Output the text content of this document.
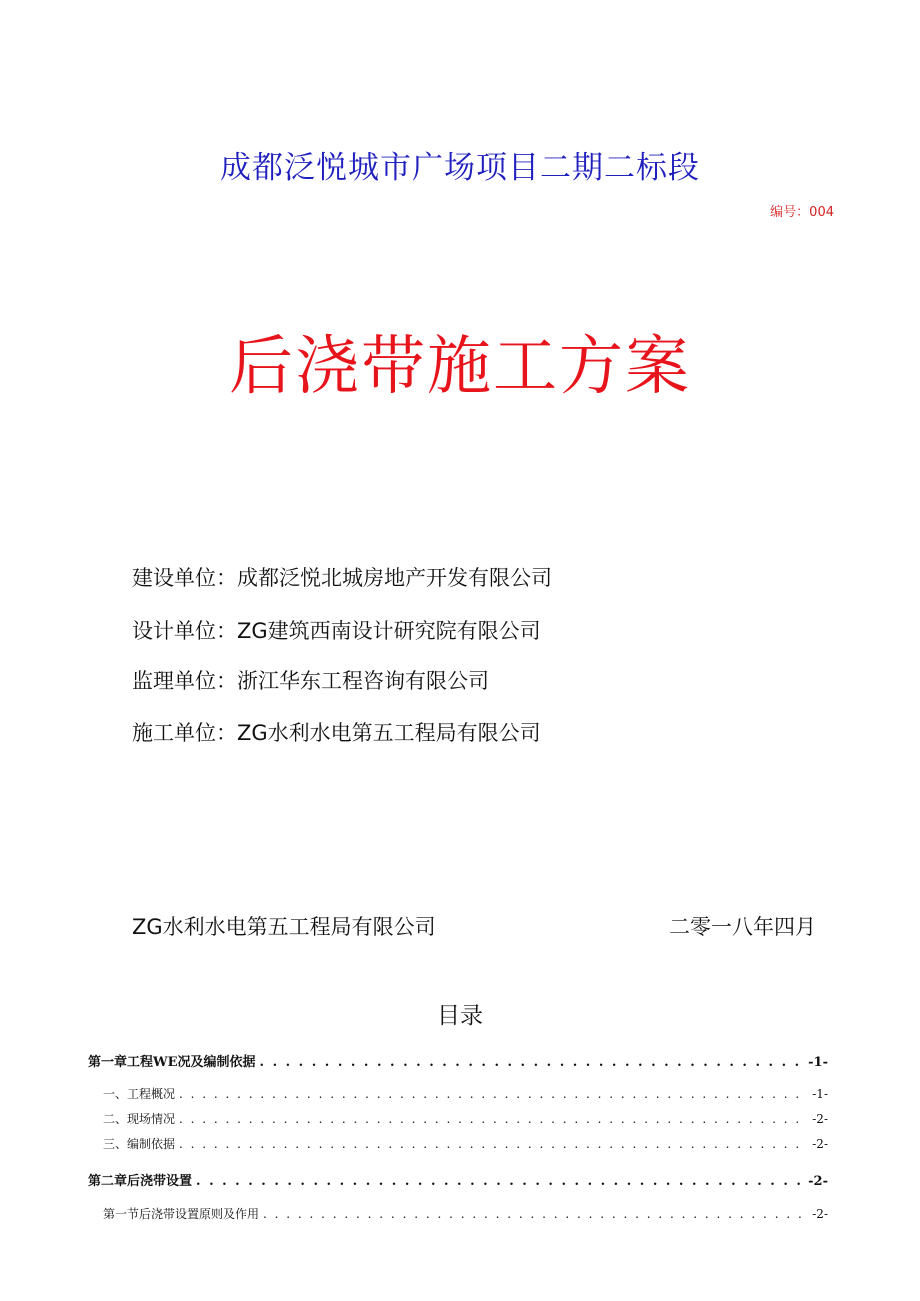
成都泛悦城市广场项目二期二标段
编号：004
后浇带施工方案
建设单位：成都泛悦北城房地产开发有限公司
设计单位：ZG建筑西南设计研究院有限公司
监理单位：浙江华东工程咨询有限公司
施工单位：ZG水利水电第五工程局有限公司
ZG水利水电第五工程局有限公司	二零一八年四月
目录
第一章工程WE况及编制依据 . . .	-1-
一、工程概况 . . .	-1-
二、现场情况 . . .	-2-
三、编制依据 . . .	-2-
第二章后浇带设置 . . .	-2-
第一节后浇带设置原则及作用 . . .	-2-
